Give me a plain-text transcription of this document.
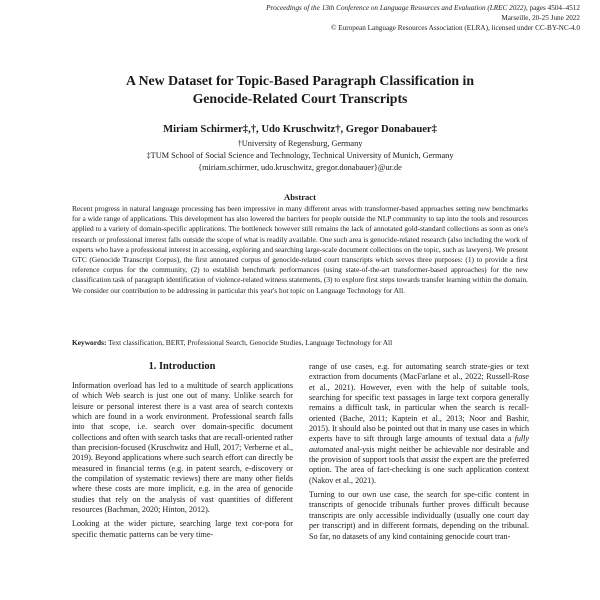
Proceedings of the 13th Conference on Language Resources and Evaluation (LREC 2022), pages 4504–4512
Marseille, 20-25 June 2022
© European Language Resources Association (ELRA), licensed under CC-BY-NC-4.0
A New Dataset for Topic-Based Paragraph Classification in
Genocide-Related Court Transcripts
Miriam Schirmer‡,†, Udo Kruschwitz†, Gregor Donabauer‡
†University of Regensburg, Germany
‡TUM School of Social Science and Technology, Technical University of Munich, Germany
{miriam.schirmer, udo.kruschwitz, gregor.donabauer}@ur.de
Abstract

Recent progress in natural language processing has been impressive in many different areas with transformer-based approaches setting new benchmarks for a wide range of applications. This development has also lowered the barriers for people outside the NLP community to tap into the tools and resources applied to a variety of domain-specific applications. The bottleneck however still remains the lack of annotated gold-standard collections as soon as one's research or professional interest falls outside the scope of what is readily available. One such area is genocide-related research (also including the work of experts who have a professional interest in accessing, exploring and searching large-scale document collections on the topic, such as lawyers). We present GTC (Genocide Transcript Corpus), the first annotated corpus of genocide-related court transcripts which serves three purposes: (1) to provide a first reference corpus for the community, (2) to establish benchmark performances (using state-of-the-art transformer-based approaches) for the new classification task of paragraph identification of violence-related witness statements, (3) to explore first steps towards transfer learning within the domain. We consider our contribution to be addressing in particular this year's hot topic on Language Technology for All.

Keywords: Text classification, BERT, Professional Search, Genocide Studies, Language Technology for All

1. Introduction

Information overload has led to a multitude of search applications of which Web search is just one out of many. Unlike search for leisure or personal interest there is a vast area of search contexts which are found in a work environment. Professional search falls into that scope, i.e. search over domain-specific document collections and often with search tasks that are recall-oriented rather than precision-focused (Kruschwitz and Hull, 2017; Verberne et al., 2019). Beyond applications where such search effort can directly be measured in financial terms (e.g. in patent search, e-discovery or the compilation of systematic reviews) there are many other fields where these costs are more implicit, e.g. in the area of genocide studies that rely on the analysis of vast quantities of different resources (Bachman, 2020; Hinton, 2012).

Looking at the wider picture, searching large text cor-pora for specific thematic patterns can be very time-

range of use cases, e.g. for automating search strate-gies or text extraction from documents (MacFarlane et al., 2022; Russell-Rose et al., 2021). However, even with the help of suitable tools, searching for specific text passages in large text corpora generally remains a difficult task, in particular when the search is recall-oriented (Bache, 2011; Kaptein et al., 2013; Noor and Bashir, 2015). It should also be pointed out that in many use cases in which experts have to sift through large amounts of textual data a fully automated anal-ysis might neither be achievable nor desirable and the provision of support tools that assist the expert are the preferred option. The area of fact-checking is one such application context (Nakov et al., 2021).

Turning to our own use case, the search for spe-cific content in transcripts of genocide tribunals further proves difficult because transcripts are only accessible individually (usually one court day per transcript) and in different formats, depending on the tribunal. So far, no datasets of any kind containing genocide court tran-
